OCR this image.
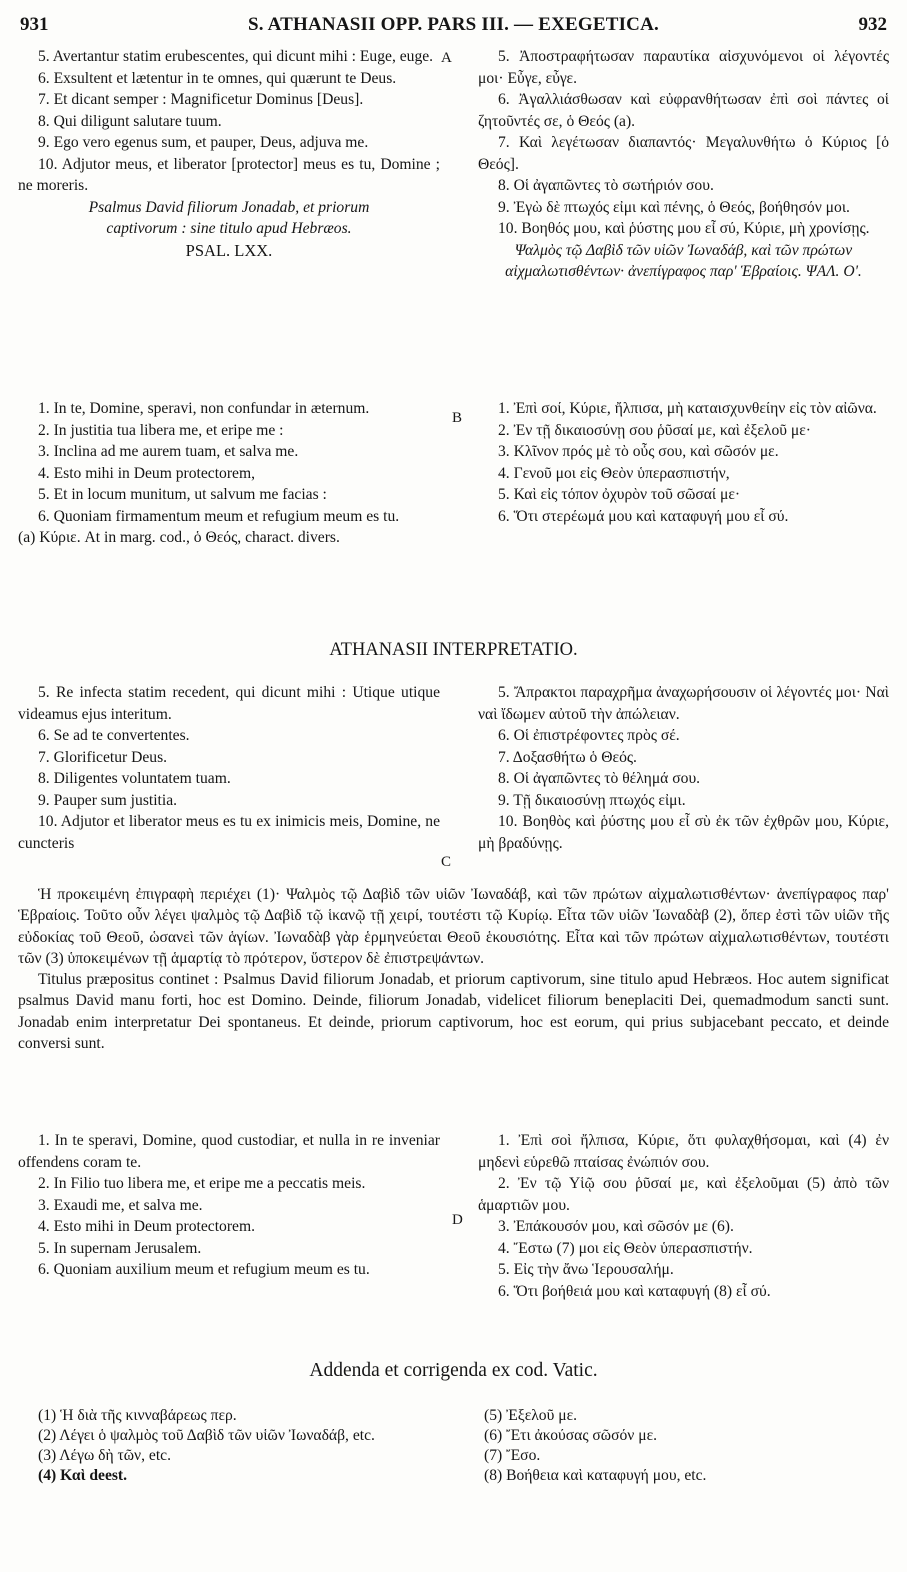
931	S. ATHANASII OPP. PARS III. — EXEGETICA.	932

5. Avertantur statim erubescentes, qui dicunt mihi : Euge, euge.

6. Exsultent et lætentur in te omnes, qui quærunt te Deus.

7. Et dicant semper : Magnificetur Dominus [Deus].

8. Qui diligunt salutare tuum.

9. Ego vero egenus sum, et pauper, Deus, adjuva me.

10. Adjutor meus, et liberator [protector] meus es tu, Domine ; ne moreris.

Psalmus David filiorum Jonadab, et priorum

captivorum : sine titulo apud Hebræos.

PSAL. LXX.

5. Ἀποστραφήτωσαν παραυτίκα αἰσχυνόμενοι οἱ λέγοντές μοι· Εὖγε, εὖγε.

6. Ἀγαλλιάσθωσαν καὶ εὐφρανθήτωσαν ἐπὶ σοὶ πάντες οἱ ζητοῦντές σε, ὁ Θεός (a).

7. Καὶ λεγέτωσαν διαπαντός· Μεγαλυνθήτω ὁ Κύριος [ὁ Θεός].

8. Οἱ ἀγαπῶντες τὸ σωτήριόν σου.

9. Ἐγὼ δὲ πτωχός εἰμι καὶ πένης, ὁ Θεός, βοήθησόν μοι.

10. Βοηθός μου, καὶ ῥύστης μου εἶ σύ, Κύριε, μὴ χρονίσῃς.

Ψαλμὸς τῷ Δαβὶδ τῶν υἱῶν Ἰωναδάβ, καὶ τῶν πρώτων αἰχμαλωτισθέντων· ἀνεπίγραφος παρ' Ἑβραίοις. ΨΑΛ. Ο'.

A

1. In te, Domine, speravi, non confundar in æternum.

2. In justitia tua libera me, et eripe me :

3. Inclina ad me aurem tuam, et salva me.

4. Esto mihi in Deum protectorem,

5. Et in locum munitum, ut salvum me facias :

6. Quoniam firmamentum meum et refugium meum es tu.

(a) Κύριε. At in marg. cod., ὁ Θεός, charact. divers.

1. Ἐπὶ σοί, Κύριε, ἤλπισα, μὴ καταισχυνθείην εἰς τὸν αἰῶνα.

2. Ἐν τῇ δικαιοσύνῃ σου ῥῦσαί με, καὶ ἐξελοῦ με·

3. Κλῖνον πρός μὲ τὸ οὖς σου, καὶ σῶσόν με.

4. Γενοῦ μοι εἰς Θεὸν ὑπερασπιστήν,

5. Καὶ εἰς τόπον ὀχυρὸν τοῦ σῶσαί με·

6. Ὅτι στερέωμά μου καὶ καταφυγή μου εἶ σύ.

B
ATHANASII INTERPRETATIO.

5. Re infecta statim recedent, qui dicunt mihi : Utique utique videamus ejus interitum.

6. Se ad te convertentes.

7. Glorificetur Deus.

8. Diligentes voluntatem tuam.

9. Pauper sum justitia.

10. Adjutor et liberator meus es tu ex inimicis meis, Domine, ne cuncteris

5. Ἄπρακτοι παραχρῆμα ἀναχωρήσουσιν οἱ λέγοντές μοι· Ναὶ ναὶ ἴδωμεν αὐτοῦ τὴν ἀπώλειαν.

6. Οἱ ἐπιστρέφοντες πρὸς σέ.

7. Δοξασθήτω ὁ Θεός.

8. Οἱ ἀγαπῶντες τὸ θέλημά σου.

9. Τῇ δικαιοσύνῃ πτωχός εἰμι.

10. Βοηθὸς καὶ ῥύστης μου εἶ σὺ ἐκ τῶν ἐχθρῶν μου, Κύριε, μὴ βραδύνῃς.

C

Ἡ προκειμένη ἐπιγραφὴ περιέχει (1)· Ψαλμὸς τῷ Δαβὶδ τῶν υἱῶν Ἰωναδάβ, καὶ τῶν πρώτων αἰχμαλωτισθέντων· ἀνεπίγραφος παρ' Ἑβραίοις. Τοῦτο οὖν λέγει ψαλμὸς τῷ Δαβὶδ τῷ ἱκανῷ τῇ χειρί, τουτέστι τῷ Κυρίῳ. Εἶτα τῶν υἱῶν Ἰωναδὰβ (2), ὅπερ ἐστὶ τῶν υἱῶν τῆς εὐδοκίας τοῦ Θεοῦ, ὡσανεὶ τῶν ἁγίων. Ἰωναδὰβ γὰρ ἑρμηνεύεται Θεοῦ ἑκουσιότης. Εἶτα καὶ τῶν πρώτων αἰχμαλωτισθέντων, τουτέστι τῶν (3) ὑποκειμένων τῇ ἁμαρτίᾳ τὸ πρότερον, ὕστερον δὲ ἐπιστρεψάντων.

Titulus præpositus continet : Psalmus David filiorum Jonadab, et priorum captivorum, sine titulo apud Hebræos. Hoc autem significat psalmus David manu forti, hoc est Domino. Deinde, filiorum Jonadab, videlicet filiorum beneplaciti Dei, quemadmodum sancti sunt. Jonadab enim interpretatur Dei spontaneus. Et deinde, priorum captivorum, hoc est eorum, qui prius subjacebant peccato, et deinde conversi sunt.

1. In te speravi, Domine, quod custodiar, et nulla in re inveniar offendens coram te.

2. In Filio tuo libera me, et eripe me a peccatis meis.

3. Exaudi me, et salva me.

4. Esto mihi in Deum protectorem.

5. In supernam Jerusalem.

6. Quoniam auxilium meum et refugium meum es tu.

1. Ἐπὶ σοὶ ἤλπισα, Κύριε, ὅτι φυλαχθήσομαι, καὶ (4) ἐν μηδενὶ εὑρεθῶ πταίσας ἐνώπιόν σου.

2. Ἐν τῷ Υἱῷ σου ῥῦσαί με, καὶ ἐξελοῦμαι (5) ἀπὸ τῶν ἁμαρτιῶν μου.

3. Ἐπάκουσόν μου, καὶ σῶσόν με (6).

4. Ἔστω (7) μοι εἰς Θεὸν ὑπερασπιστήν.

5. Εἰς τὴν ἄνω Ἱερουσαλήμ.

6. Ὅτι βοήθειά μου καὶ καταφυγή (8) εἶ σύ.

D
Addenda et corrigenda ex cod. Vatic.

(1) Ἡ διὰ τῆς κινναβάρεως περ.

(2) Λέγει ὁ ψαλμὸς τοῦ Δαβὶδ τῶν υἱῶν Ἰωναδάβ, etc.

(3) Λέγω δὴ τῶν, etc.

(4) Καὶ deest.

(5) Ἐξελοῦ με.

(6) Ἔτι ἀκούσας σῶσόν με.

(7) Ἔσο.

(8) Βοήθεια καὶ καταφυγή μου, etc.
